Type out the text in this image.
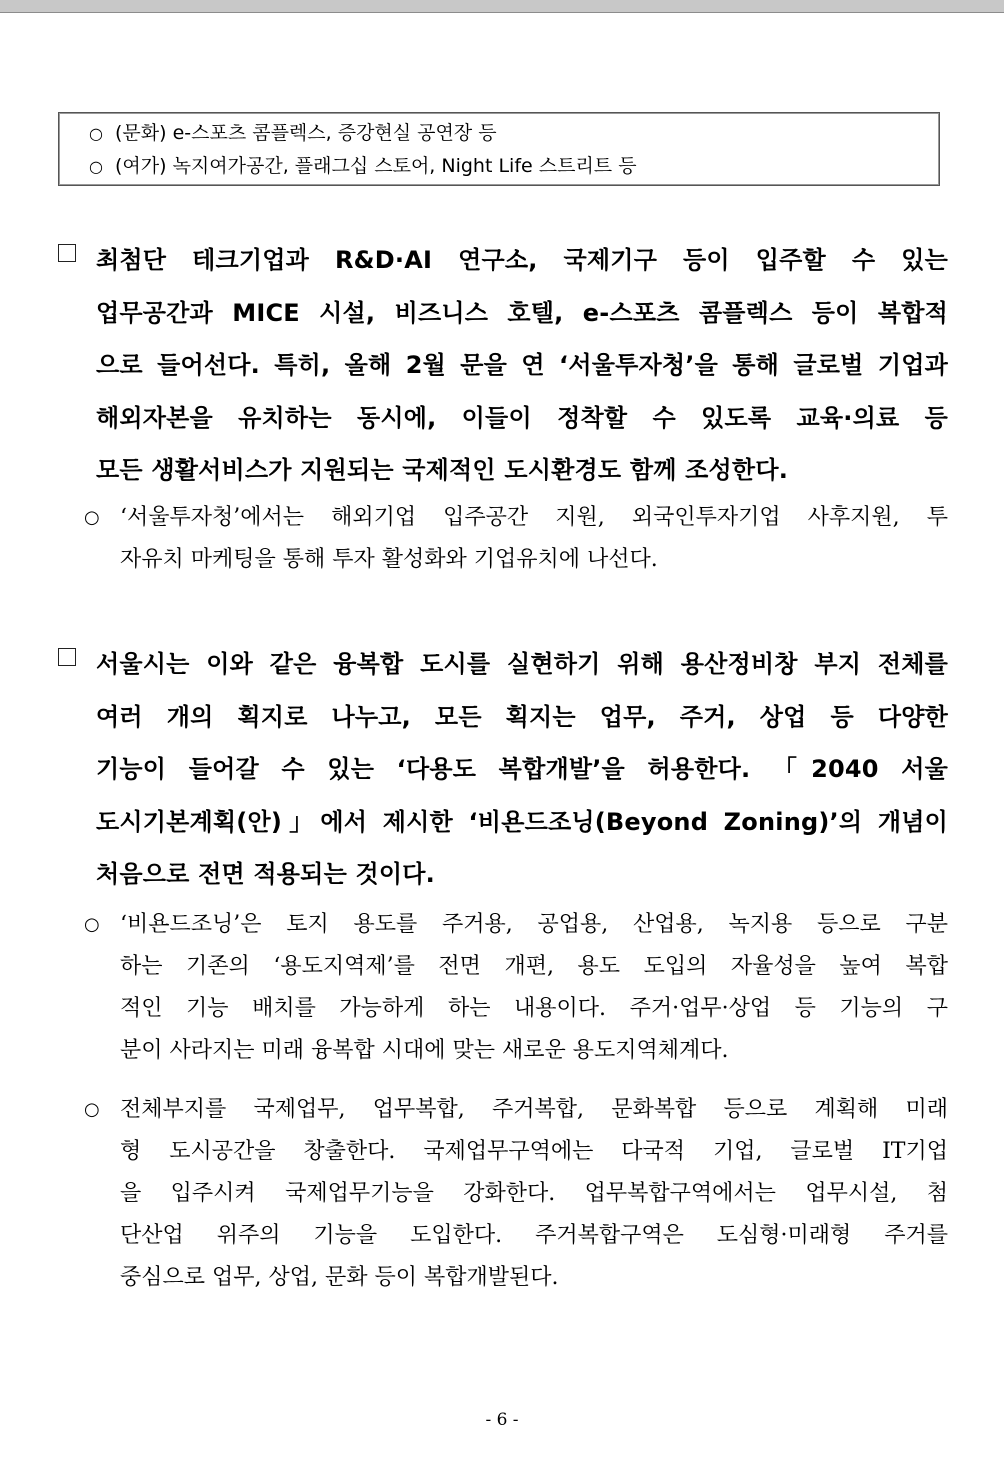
○ (문화) e-스포츠 콤플렉스, 증강현실 공연장 등
○ (여가) 녹지여가공간, 플래그십 스토어, Night Life 스트리트 등
최첨단 테크기업과 R&D·AI 연구소, 국제기구 등이 입주할 수 있는
업무공간과 MICE 시설, 비즈니스 호텔, e-스포츠 콤플렉스 등이 복합적
으로 들어선다. 특히, 올해 2월 문을 연 ‘서울투자청’을 통해 글로벌 기업과
해외자본을 유치하는 동시에, 이들이 정착할 수 있도록 교육·의료 등
모든 생활서비스가 지원되는 국제적인 도시환경도 함께 조성한다.
○ ‘서울투자청’에서는 해외기업 입주공간 지원, 외국인투자기업 사후지원, 투
자유치 마케팅을 통해 투자 활성화와 기업유치에 나선다.
서울시는 이와 같은 융복합 도시를 실현하기 위해 용산정비창 부지 전체를
여러 개의 획지로 나누고, 모든 획지는 업무, 주거, 상업 등 다양한
기능이 들어갈 수 있는 ‘다용도 복합개발’을 허용한다. 「2040 서울
도시기본계획(안)」에서 제시한 ‘비욘드조닝(Beyond Zoning)’의 개념이
처음으로 전면 적용되는 것이다.
○ ‘비욘드조닝’은 토지 용도를 주거용, 공업용, 산업용, 녹지용 등으로 구분
하는 기존의 ‘용도지역제’를 전면 개편, 용도 도입의 자율성을 높여 복합
적인 기능 배치를 가능하게 하는 내용이다. 주거·업무·상업 등 기능의 구
분이 사라지는 미래 융복합 시대에 맞는 새로운 용도지역체계다.
○ 전체부지를 국제업무, 업무복합, 주거복합, 문화복합 등으로 계획해 미래
형 도시공간을 창출한다. 국제업무구역에는 다국적 기업, 글로벌 IT기업
을 입주시켜 국제업무기능을 강화한다. 업무복합구역에서는 업무시설, 첨
단산업 위주의 기능을 도입한다. 주거복합구역은 도심형·미래형 주거를
중심으로 업무, 상업, 문화 등이 복합개발된다.
- 6 -
